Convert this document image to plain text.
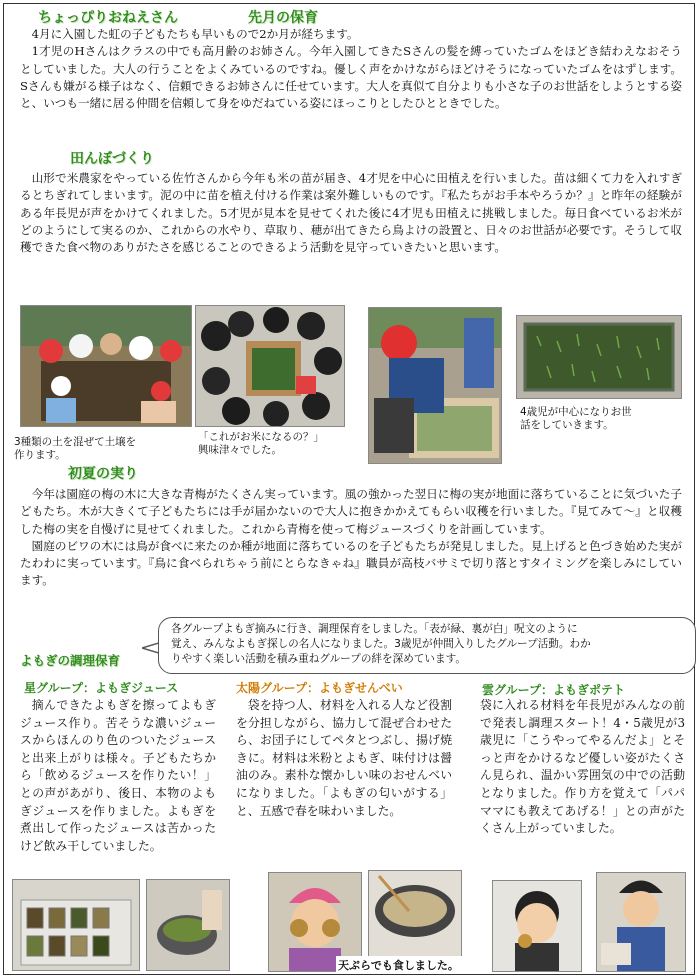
ちょっぴりおねえさん	先月の保育

4月に入園した虹の子どもたちも早いもので2か月が経ちます。

1才児のHさんはクラスの中でも高月齢のお姉さん。今年入園してきたSさんの髪を縛っていたゴムをほどき結わえなおそうとしていました。大人の行うことをよくみているのですね。優しく声をかけながらほどけそうになっていたゴムをはずします。Sさんも嫌がる様子はなく、信頼できるお姉さんに任せています。大人を真似て自分よりも小さな子のお世話をしようとする姿と、いつも一緒に居る仲間を信頼して身をゆだねている姿にほっこりとしたひとときでした。

田んぼづくり

山形で米農家をやっている佐竹さんから今年も米の苗が届き、4才児を中心に田植えを行いました。苗は細くて力を入れすぎるとちぎれてしまいます。泥の中に苗を植え付ける作業は案外難しいものです。『私たちがお手本やろうか？』と昨年の経験がある年長児が声をかけてくれました。5才児が見本を見せてくれた後に4才児も田植えに挑戦しました。毎日食べているお米がどのようにして実るのか、これからの水やり、草取り、穂が出てきたら鳥よけの設置と、日々のお世話が必要です。そうして収穫できた食べ物のありがたさを感じることのできるよう活動を見守っていきたいと思います。

3種類の土を混ぜて土壌を
作ります。
「これがお米になるの？」
興味津々でした。
4歳児が中心になりお世
話をしていきます。
初夏の実り

今年は園庭の梅の木に大きな青梅がたくさん実っています。風の強かった翌日に梅の実が地面に落ちていることに気づいた子どもたち。木が大きくて子どもたちには手が届かないので大人に抱きかかえてもらい収穫を行いました。『見てみて〜』と収穫した梅の実を自慢げに見せてくれました。これから青梅を使って梅ジュースづくりを計画しています。

園庭のビワの木には鳥が食べに来たのか種が地面に落ちているのを子どもたちが発見しました。見上げると色づき始めた実がたわわに実っています。『鳥に食べられちゃう前にとらなきゃね』職員が高枝バサミで切り落とすタイミングを楽しみにしています。

よもぎの調理保育
各グループよもぎ摘みに行き、調理保育をしました。「表が緑、裏が白」呪文のように
覚え、みんなよもぎ探しの名人になりました。3歳児が仲間入りしたグループ活動。わか
りやすく楽しい活動を積み重ねグループの絆を深めています。
星グループ：よもぎジュース

摘んできたよもぎを擦ってよもぎジュース作り。苦そうな濃いジュースからほんのり色のついたジュースと出来上がりは様々。子どもたちから「飲めるジュースを作りたい！」との声があがり、後日、本物のよもぎジュースを作りました。よもぎを煮出して作ったジュースは苦かったけど飲み干していました。

太陽グループ：よもぎせんべい

袋を持つ人、材料を入れる人など役割を分担しながら、協力して混ぜ合わせたら、お団子にしてペタとつぶし、揚げ焼きに。材料は米粉とよもぎ、味付けは醤油のみ。素朴な懐かしい味のおせんべいになりました。「よもぎの匂いがする」と、五感で春を味わいました。

雲グループ：よもぎポテト

袋に入れる材料を年長児がみんなの前で発表し調理スタート！4・5歳児が3歳児に「こうやってやるんだよ」とそっと声をかけるなど優しい姿がたくさん見られ、温かい雰囲気の中での活動となりました。作り方を覚えて「パパママにも教えてあげる！」との声がたくさん上がっていました。

天ぷらでも食しました。
